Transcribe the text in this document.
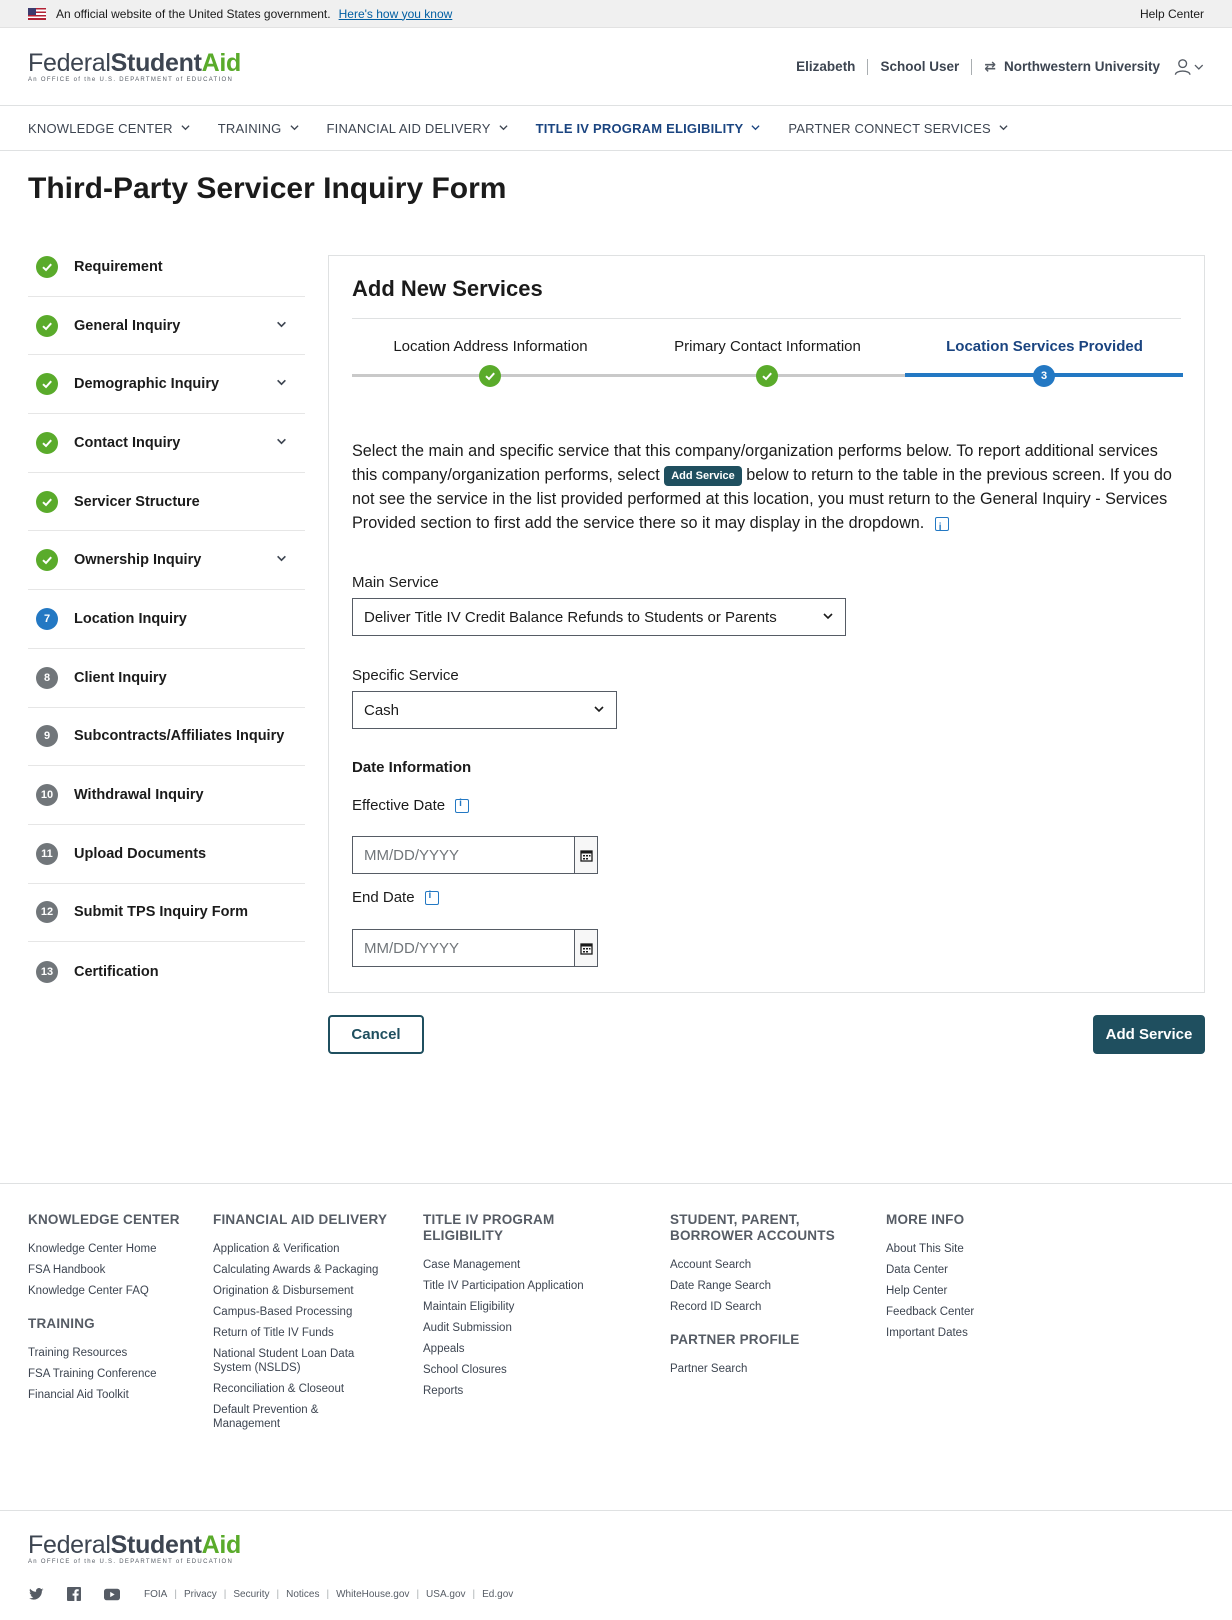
An official website of the United States government. Here's how you know	Help Center
FederalStudentAid
An OFFICE of the U.S. DEPARTMENT of EDUCATION
Elizabeth School User ⇄ Northwestern University
KNOWLEDGE CENTER	TRAINING	FINANCIAL AID DELIVERY	TITLE IV PROGRAM ELIGIBILITY	PARTNER CONNECT SERVICES
Third-Party Servicer Inquiry Form
Requirement
General Inquiry
Demographic Inquiry
Contact Inquiry
Servicer Structure
Ownership Inquiry
7	Location Inquiry
8	Client Inquiry
9	Subcontracts/Affiliates Inquiry
10	Withdrawal Inquiry
11	Upload Documents
12	Submit TPS Inquiry Form
13	Certification
Add New Services
Location Address Information	Primary Contact Information	Location Services Provided
3
Select the main and specific service that this company/organization performs below. To report additional services this company/organization performs, select Add Service below to return to the table in the previous screen. If you do not see the service in the list provided performed at this location, you must return to the General Inquiry - Services Provided section to first add the service there so it may display in the dropdown. i
Main Service
Deliver Title IV Credit Balance Refunds to Students or Parents
Specific Service
Cash
Date Information
Effective Datei
MM/DD/YYYY
End Datei
MM/DD/YYYY
Cancel	Add Service
KNOWLEDGE CENTER
Knowledge Center Home
FSA Handbook
Knowledge Center FAQ
TRAINING
Training Resources
FSA Training Conference
Financial Aid Toolkit
FINANCIAL AID DELIVERY
Application & Verification
Calculating Awards & Packaging
Origination & Disbursement
Campus-Based Processing
Return of Title IV Funds
National Student Loan Data System (NSLDS)
Reconciliation & Closeout
Default Prevention & Management
TITLE IV PROGRAM ELIGIBILITY
Case Management
Title IV Participation Application
Maintain Eligibility
Audit Submission
Appeals
School Closures
Reports
STUDENT, PARENT, BORROWER ACCOUNTS
Account Search
Date Range Search
Record ID Search
PARTNER PROFILE
Partner Search
MORE INFO
About This Site
Data Center
Help Center
Feedback Center
Important Dates
FederalStudentAid
An OFFICE of the U.S. DEPARTMENT of EDUCATION
FOIA | Privacy | Security | Notices | WhiteHouse.gov | USA.gov | Ed.gov
